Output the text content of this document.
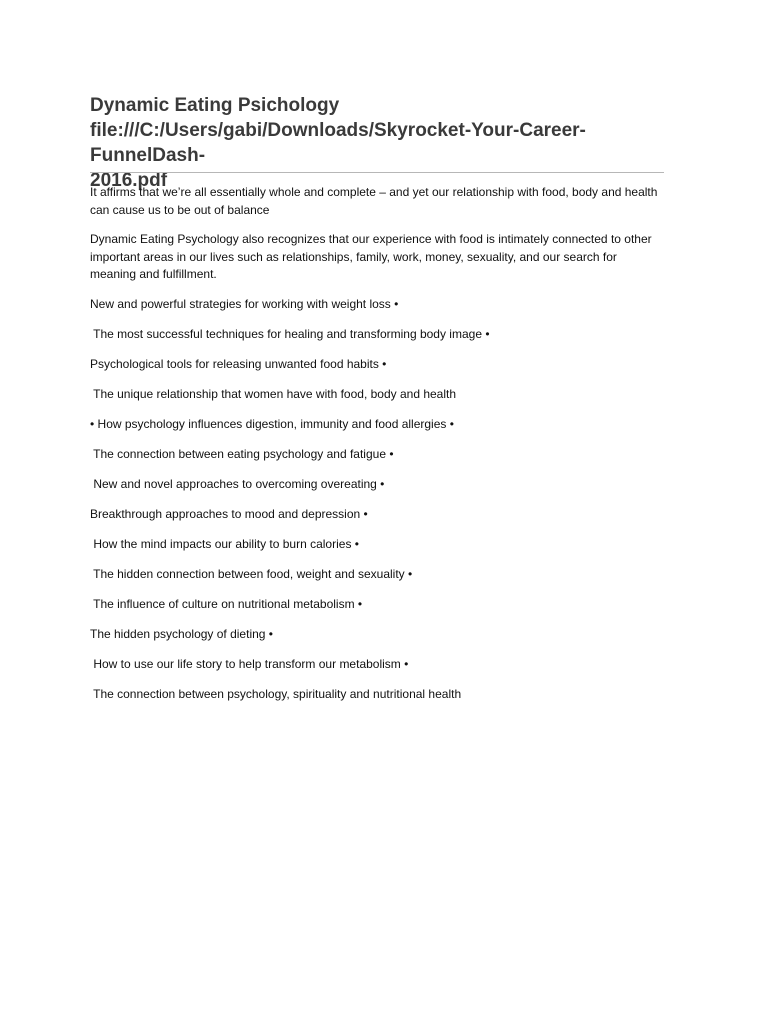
Dynamic Eating Psichology
file:///C:/Users/gabi/Downloads/Skyrocket-Your-Career-FunnelDash-
2016.pdf

It affirms that we’re all essentially whole and complete – and yet our relationship with food, body and health can cause us to be out of balance

Dynamic Eating Psychology also recognizes that our experience with food is intimately connected to other important areas in our lives such as relationships, family, work, money, sexuality, and our search for meaning and fulfillment.

New and powerful strategies for working with weight loss •

The most successful techniques for healing and transforming body image •

Psychological tools for releasing unwanted food habits •

The unique relationship that women have with food, body and health

• How psychology influences digestion, immunity and food allergies •

The connection between eating psychology and fatigue •

New and novel approaches to overcoming overeating •

Breakthrough approaches to mood and depression •

How the mind impacts our ability to burn calories •

The hidden connection between food, weight and sexuality •

The influence of culture on nutritional metabolism •

The hidden psychology of dieting •

How to use our life story to help transform our metabolism •

The connection between psychology, spirituality and nutritional health
